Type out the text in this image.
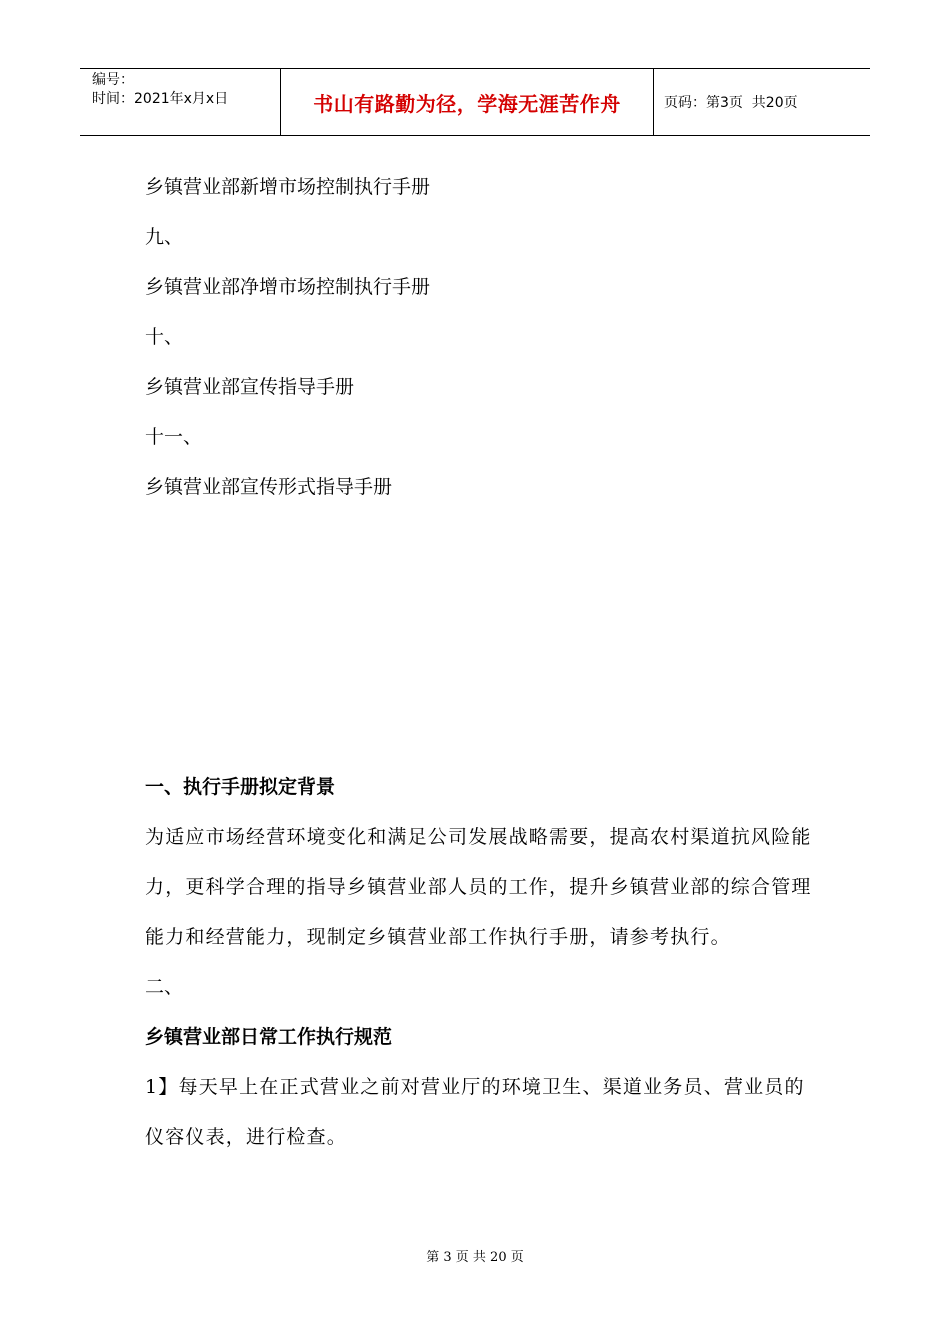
编号：
时间：2021年x月x日	书山有路勤为径，学海无涯苦作舟	页码：第3页  共20页
乡镇营业部新增市场控制执行手册
九、
乡镇营业部净增市场控制执行手册
十、
乡镇营业部宣传指导手册
十一、
乡镇营业部宣传形式指导手册
一、执行手册拟定背景
为适应市场经营环境变化和满足公司发展战略需要，提高农村渠道抗风险能力，更科学合理的指导乡镇营业部人员的工作，提升乡镇营业部的综合管理能力和经营能力，现制定乡镇营业部工作执行手册，请参考执行。
二、
乡镇营业部日常工作执行规范
1】每天早上在正式营业之前对营业厅的环境卫生、渠道业务员、营业员的仪容仪表，进行检查。
第 3 页 共 20 页
